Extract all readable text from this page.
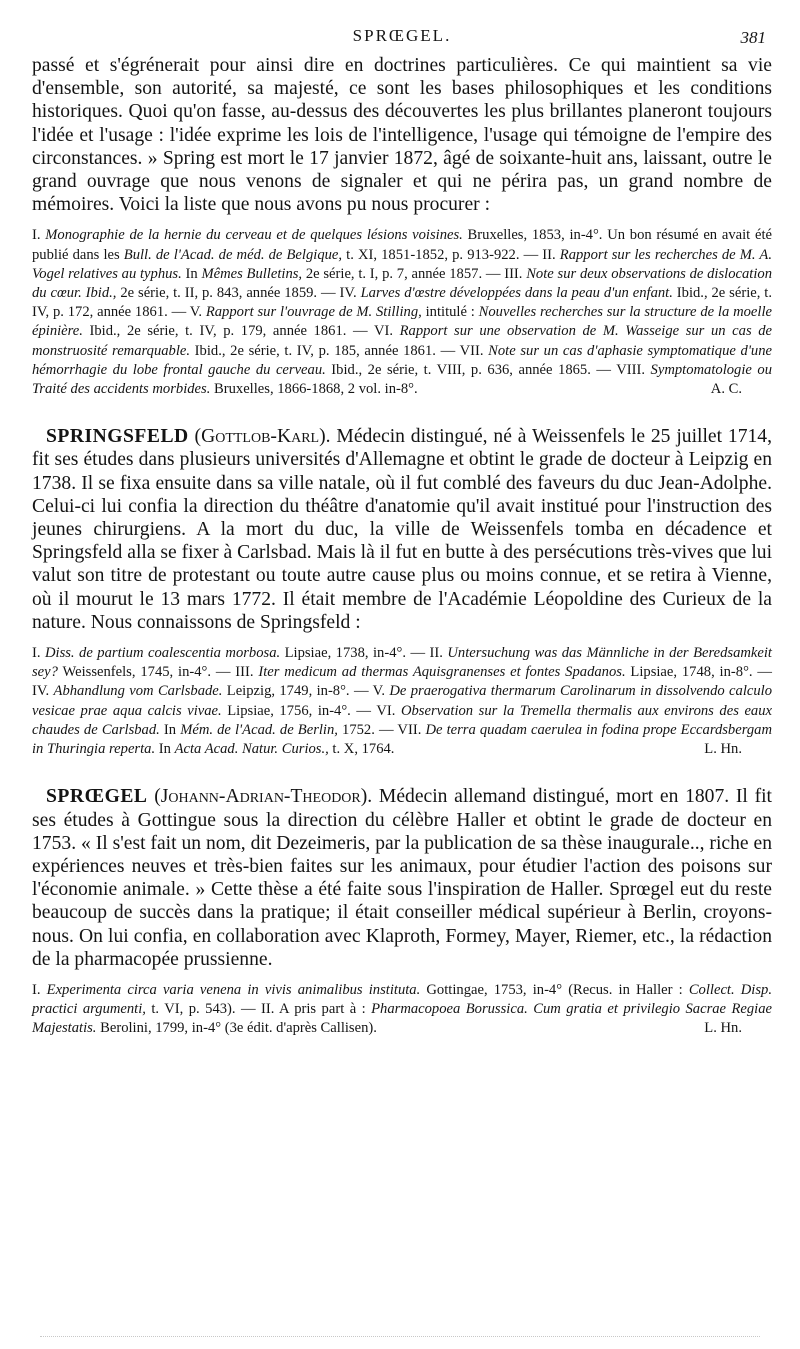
SPRŒGEL.	381

passé et s'égrénerait pour ainsi dire en doctrines particulières. Ce qui maintient sa vie d'ensemble, son autorité, sa majesté, ce sont les bases philosophiques et les conditions historiques. Quoi qu'on fasse, au-dessus des découvertes les plus brillantes planeront toujours l'idée et l'usage : l'idée exprime les lois de l'intelligence, l'usage qui témoigne de l'empire des circonstances. » Spring est mort le 17 janvier 1872, âgé de soixante-huit ans, laissant, outre le grand ouvrage que nous venons de signaler et qui ne périra pas, un grand nombre de mémoires. Voici la liste que nous avons pu nous procurer :

I. Monographie de la hernie du cerveau et de quelques lésions voisines. Bruxelles, 1853, in-4°. Un bon résumé en avait été publié dans les Bull. de l'Acad. de méd. de Belgique, t. XI, 1851-1852, p. 913-922. — II. Rapport sur les recherches de M. A. Vogel relatives au typhus. In Mêmes Bulletins, 2e série, t. I, p. 7, année 1857. — III. Note sur deux observations de dislocation du cœur. Ibid., 2e série, t. II, p. 843, année 1859. — IV. Larves d'œstre développées dans la peau d'un enfant. Ibid., 2e série, t. IV, p. 172, année 1861. — V. Rapport sur l'ouvrage de M. Stilling, intitulé : Nouvelles recherches sur la structure de la moelle épinière. Ibid., 2e série, t. IV, p. 179, année 1861. — VI. Rapport sur une observation de M. Wasseige sur un cas de monstruosité remarquable. Ibid., 2e série, t. IV, p. 185, année 1861. — VII. Note sur un cas d'aphasie symptomatique d'une hémorrhagie du lobe frontal gauche du cerveau. Ibid., 2e série, t. VIII, p. 636, année 1865. — VIII. Symptomatologie ou Traité des accidents morbides. Bruxelles, 1866-1868, 2 vol. in-8°.	A. C.

SPRINGSFELD (Gottlob-Karl). Médecin distingué, né à Weissenfels le 25 juillet 1714, fit ses études dans plusieurs universités d'Allemagne et obtint le grade de docteur à Leipzig en 1738. Il se fixa ensuite dans sa ville natale, où il fut comblé des faveurs du duc Jean-Adolphe. Celui-ci lui confia la direction du théâtre d'anatomie qu'il avait institué pour l'instruction des jeunes chirurgiens. A la mort du duc, la ville de Weissenfels tomba en décadence et Springsfeld alla se fixer à Carlsbad. Mais là il fut en butte à des persécutions très-vives que lui valut son titre de protestant ou toute autre cause plus ou moins connue, et se retira à Vienne, où il mourut le 13 mars 1772. Il était membre de l'Académie Léopoldine des Curieux de la nature. Nous connaissons de Springsfeld :

I. Diss. de partium coalescentia morbosa. Lipsiae, 1738, in-4°. — II. Untersuchung was das Männliche in der Beredsamkeit sey? Weissenfels, 1745, in-4°. — III. Iter medicum ad thermas Aquisgranenses et fontes Spadanos. Lipsiae, 1748, in-8°. — IV. Abhandlung vom Carlsbade. Leipzig, 1749, in-8°. — V. De praerogativa thermarum Carolinarum in dissolvendo calculo vesicae prae aqua calcis vivae. Lipsiae, 1756, in-4°. — VI. Observation sur la Tremella thermalis aux environs des eaux chaudes de Carlsbad. In Mém. de l'Acad. de Berlin, 1752. — VII. De terra quadam caerulea in fodina prope Eccardsbergam in Thuringia reperta. In Acta Acad. Natur. Curios., t. X, 1764.	L. Hn.

SPRŒGEL (Johann-Adrian-Theodor). Médecin allemand distingué, mort en 1807. Il fit ses études à Gottingue sous la direction du célèbre Haller et obtint le grade de docteur en 1753. « Il s'est fait un nom, dit Dezeimeris, par la publication de sa thèse inaugurale.., riche en expériences neuves et très-bien faites sur les animaux, pour étudier l'action des poisons sur l'économie animale. » Cette thèse a été faite sous l'inspiration de Haller. Sprœgel eut du reste beaucoup de succès dans la pratique; il était conseiller médical supérieur à Berlin, croyons-nous. On lui confia, en collaboration avec Klaproth, Formey, Mayer, Riemer, etc., la rédaction de la pharmacopée prussienne.

I. Experimenta circa varia venena in vivis animalibus instituta. Gottingae, 1753, in-4° (Recus. in Haller : Collect. Disp. practici argumenti, t. VI, p. 543). — II. A pris part à : Pharmacopoea Borussica. Cum gratia et privilegio Sacrae Regiae Majestatis. Berolini, 1799, in-4° (3e édit. d'après Callisen).	L. Hn.
